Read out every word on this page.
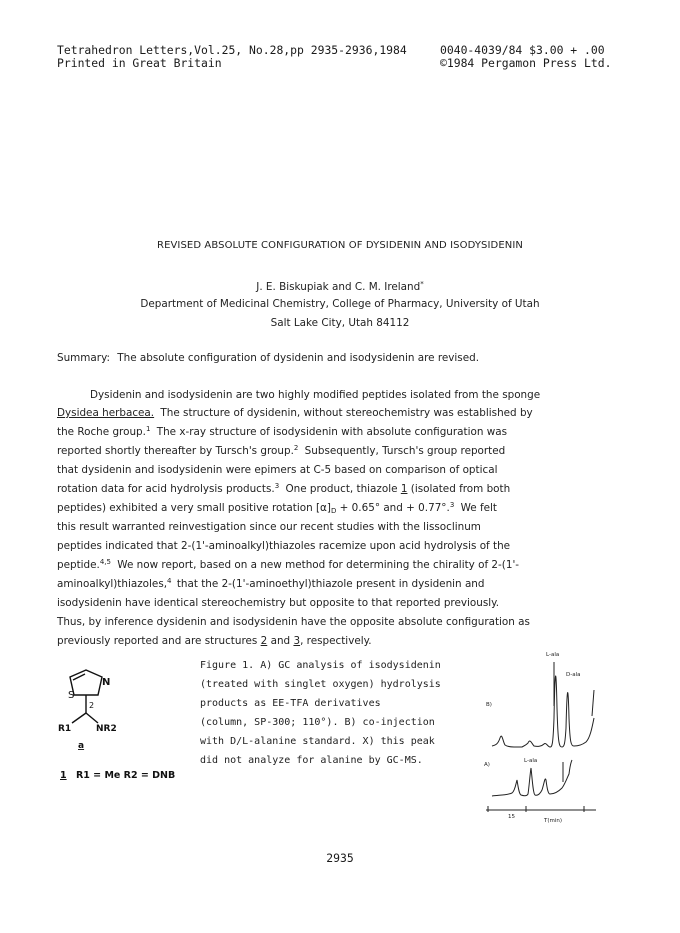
Tetrahedron Letters,Vol.25, No.28,pp 2935-2936,1984
Printed in Great Britain
0040-4039/84 $3.00 + .00
©1984 Pergamon Press Ltd.
REVISED ABSOLUTE CONFIGURATION OF DYSIDENIN AND ISODYSIDENIN
J. E. Biskupiak and C. M. Ireland*
Department of Medicinal Chemistry, College of Pharmacy, University of Utah
Salt Lake City, Utah 84112
Summary: The absolute configuration of dysidenin and isodysidenin are revised.
Dysidenin and isodysidenin are two highly modified peptides isolated from the sponge
Dysidea herbacea. The structure of dysidenin, without stereochemistry was established by
the Roche group.$^1$ The x-ray structure of isodysidenin with absolute configuration was
reported shortly thereafter by Tursch's group.$^2$ Subsequently, Tursch's group reported
that dysidenin and isodysidenin were epimers at C-5 based on comparison of optical
rotation data for acid hydrolysis products.$^3$ One product, thiazole 1 (isolated from both
peptides) exhibited a very small positive rotation $[\alpha]_D + 0.65^\circ$ and + 0.77°.$^3$ We felt
this result warranted reinvestigation since our recent studies with the lissoclinum
peptides indicated that 2-(1'-aminoalkyl)thiazoles racemize upon acid hydrolysis of the
peptide.$^{4,5}$ We now report, based on a new method for determining the chirality of 2-(1'-
aminoalkyl)thiazoles,$^4$ that the 2-(1'-aminoethyl)thiazole present in dysidenin and
isodysidenin have identical stereochemistry but opposite to that reported previously.
Thus, by inference dysidenin and isodysidenin have the opposite absolute configuration as
previously reported and are structures 2 and 3, respectively.
S
N
2
R1	NR2
a
1 R1 = Me R2 = DNB
Figure 1. A) GC analysis of isodysidenin
(treated with singlet oxygen) hydrolysis
products as EE-TFA derivatives
(column, SP-300; 110°). B) co-injection
with D/L-alanine standard. X) this peak
did not analyze for alanine by GC-MS.
L-ala
D-ala
B)
A)
L-ala
15
T(min)
2935
